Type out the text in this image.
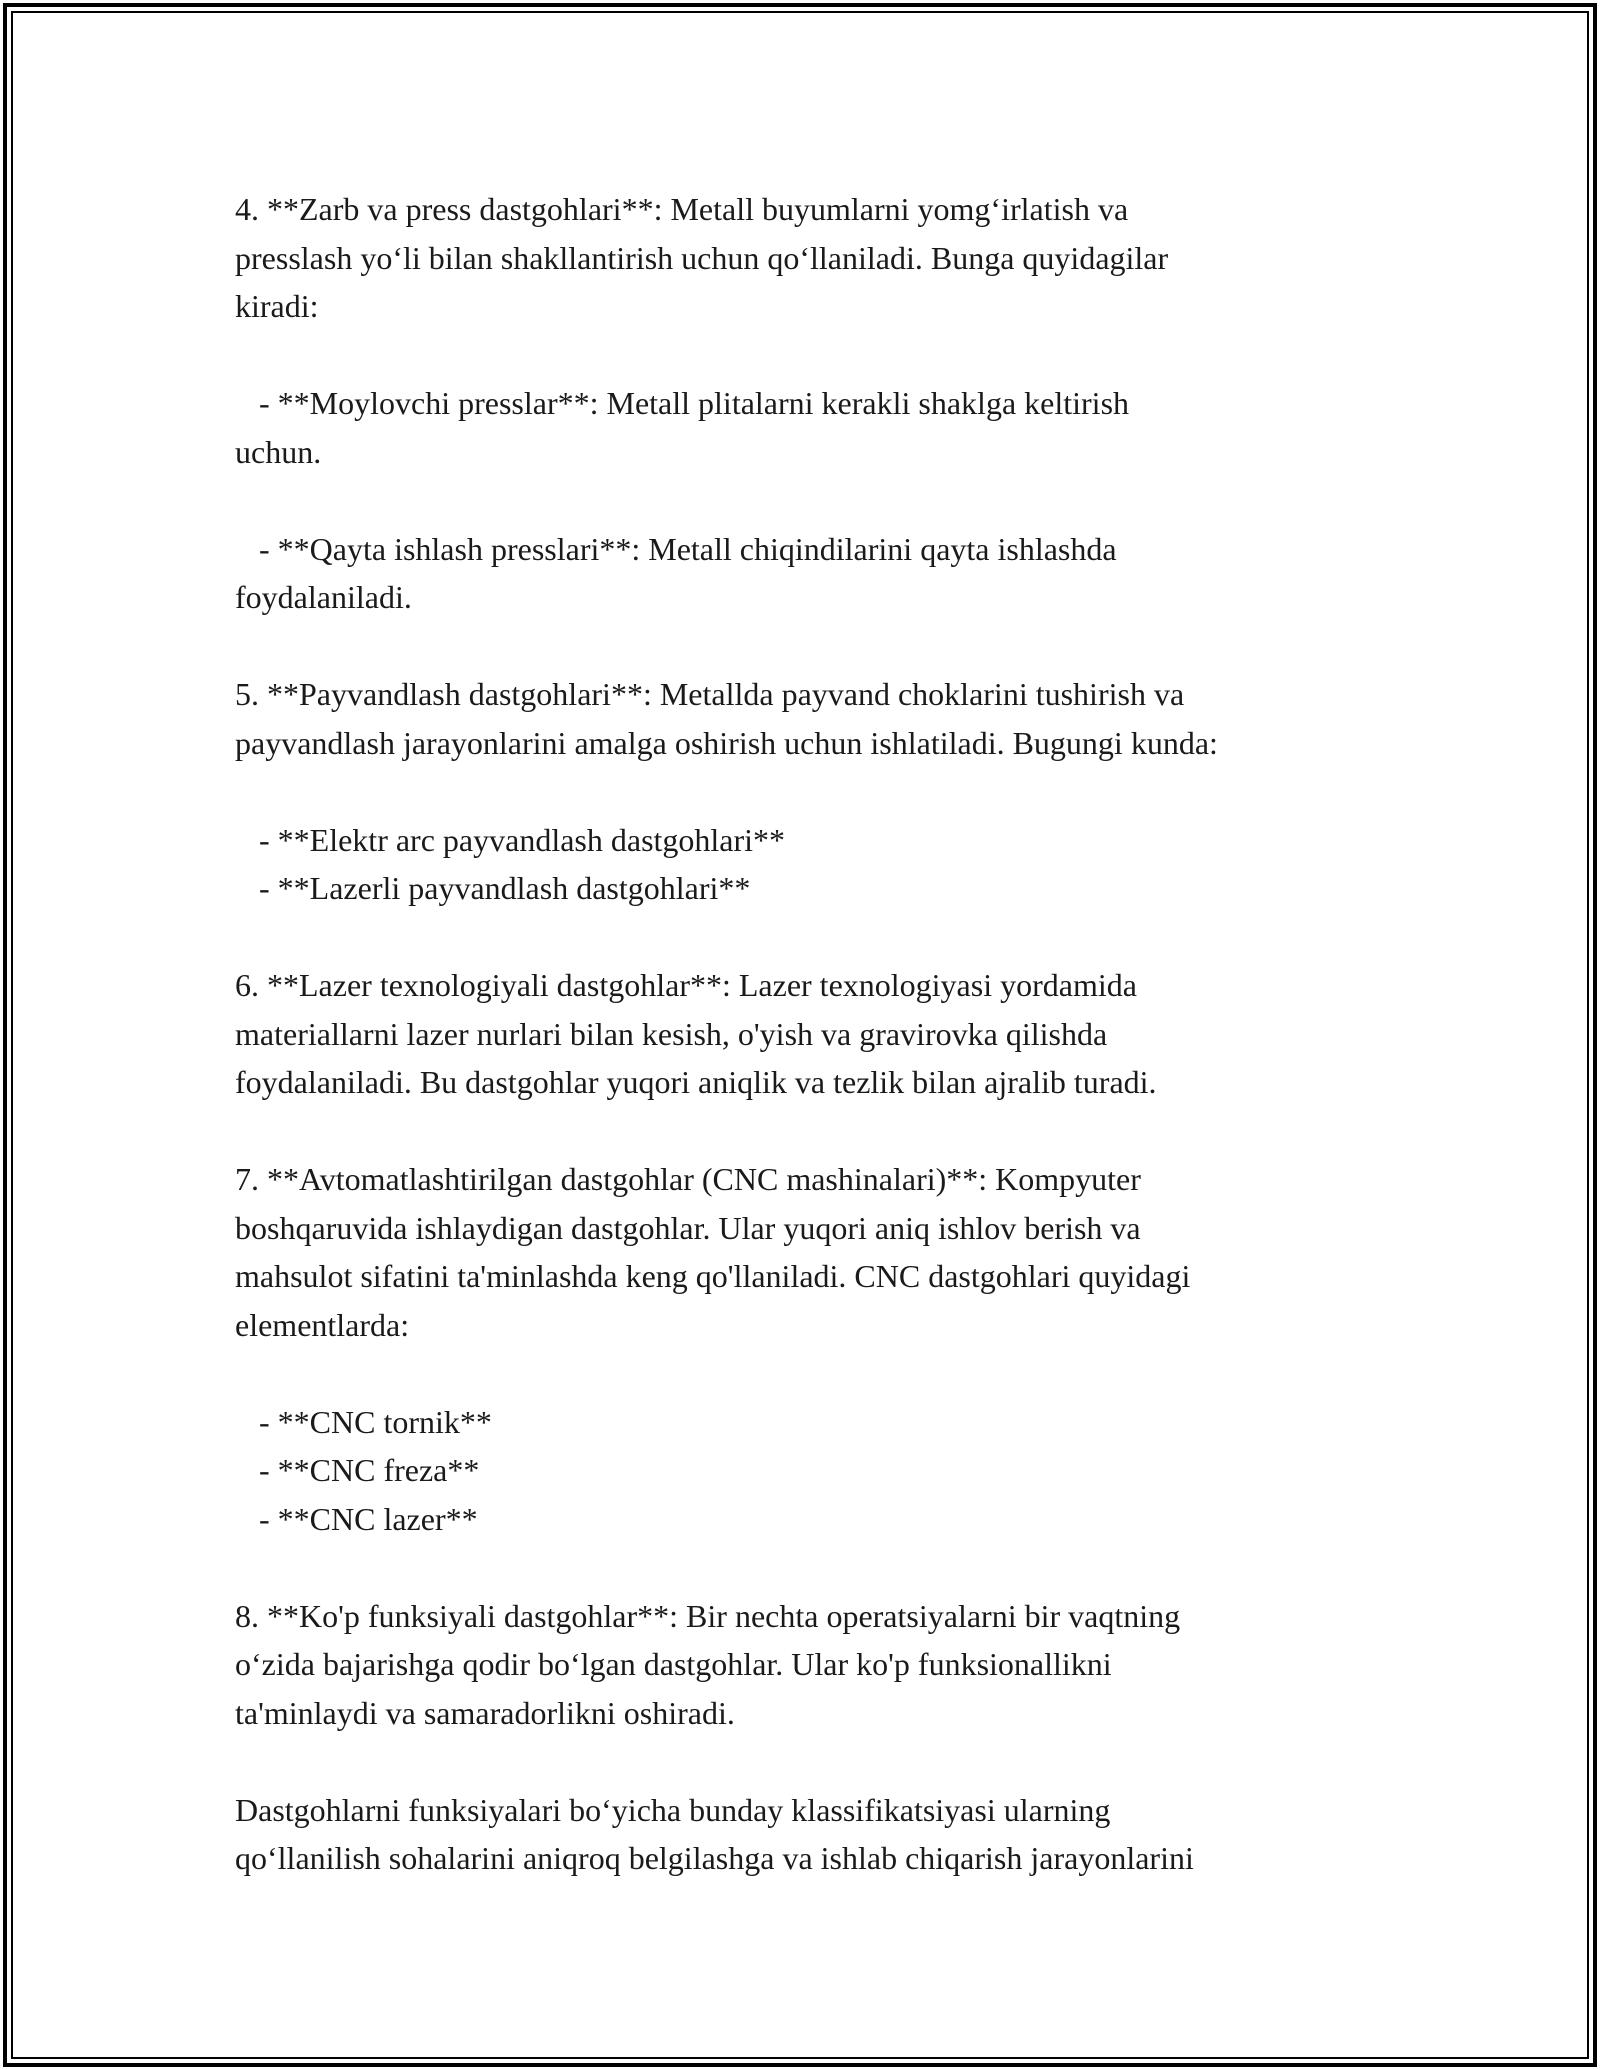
4. **Zarb va press dastgohlari**: Metall buyumlarni yomg‘irlatish va
presslash yo‘li bilan shakllantirish uchun qo‘llaniladi. Bunga quyidagilar
kiradi:
- **Moylovchi presslar**: Metall plitalarni kerakli shaklga keltirish
uchun.
- **Qayta ishlash presslari**: Metall chiqindilarini qayta ishlashda
foydalaniladi.
5. **Payvandlash dastgohlari**: Metallda payvand choklarini tushirish va
payvandlash jarayonlarini amalga oshirish uchun ishlatiladi. Bugungi kunda:
- **Elektr arc payvandlash dastgohlari**
- **Lazerli payvandlash dastgohlari**
6. **Lazer texnologiyali dastgohlar**: Lazer texnologiyasi yordamida
materiallarni lazer nurlari bilan kesish, o'yish va gravirovka qilishda
foydalaniladi. Bu dastgohlar yuqori aniqlik va tezlik bilan ajralib turadi.
7. **Avtomatlashtirilgan dastgohlar (CNC mashinalari)**: Kompyuter
boshqaruvida ishlaydigan dastgohlar. Ular yuqori aniq ishlov berish va
mahsulot sifatini ta'minlashda keng qo'llaniladi. CNC dastgohlari quyidagi
elementlarda:
- **CNC tornik**
- **CNC freza**
- **CNC lazer**
8. **Ko'p funksiyali dastgohlar**: Bir nechta operatsiyalarni bir vaqtning
o‘zida bajarishga qodir bo‘lgan dastgohlar. Ular ko'p funksionallikni
ta'minlaydi va samaradorlikni oshiradi.
Dastgohlarni funksiyalari bo‘yicha bunday klassifikatsiyasi ularning
qo‘llanilish sohalarini aniqroq belgilashga va ishlab chiqarish jarayonlarini
